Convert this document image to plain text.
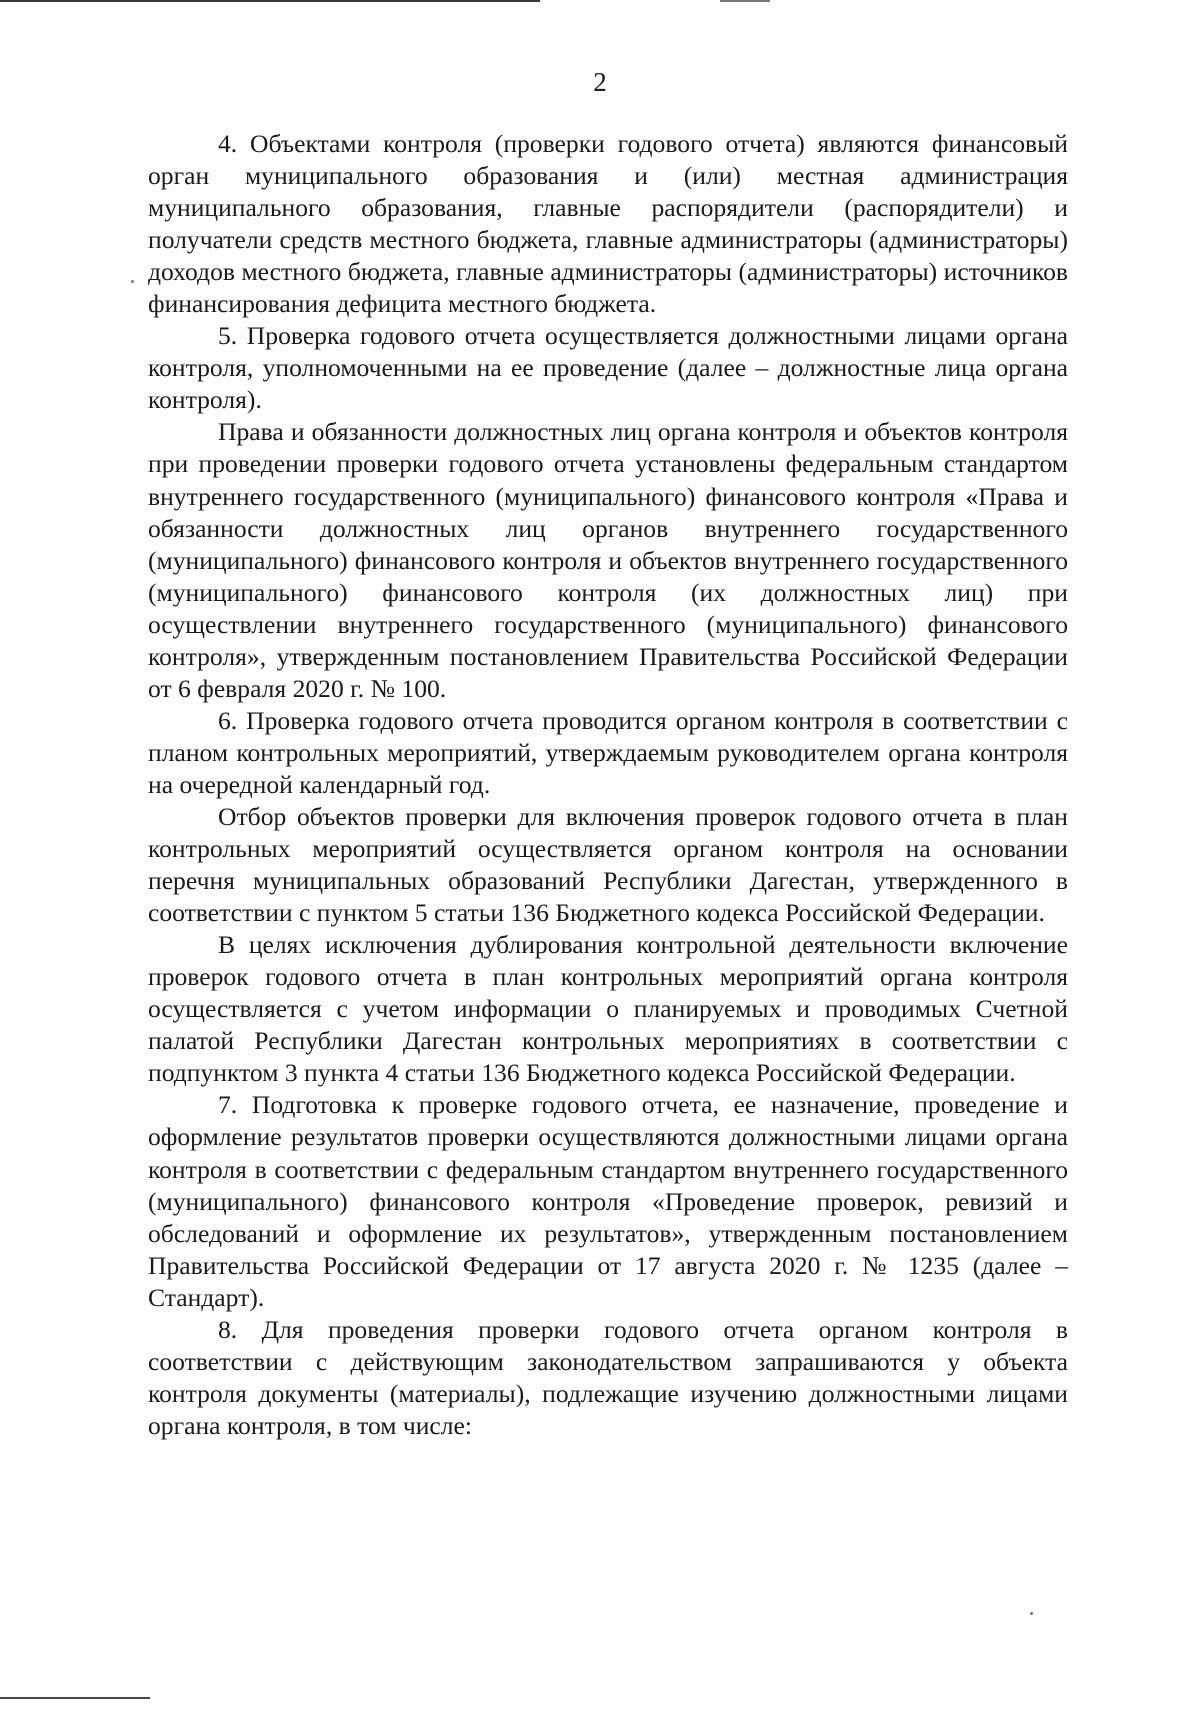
2

4. Объектами контроля (проверки годового отчета) являются финансовый орган муниципального образования и (или) местная администрация муниципального образования, главные распорядители (распорядители) и получатели средств местного бюджета, главные администраторы (администраторы) доходов местного бюджета, главные администраторы (администраторы) источников финансирования дефицита местного бюджета.

5. Проверка годового отчета осуществляется должностными лицами органа контроля, уполномоченными на ее проведение (далее – должностные лица органа контроля).

Права и обязанности должностных лиц органа контроля и объектов контроля при проведении проверки годового отчета установлены федеральным стандартом внутреннего государственного (муниципального) финансового контроля «Права и обязанности должностных лиц органов внутреннего государственного (муниципального) финансового контроля и объектов внутреннего государственного (муниципального) финансового контроля (их должностных лиц) при осуществлении внутреннего государственного (муниципального) финансового контроля», утвержденным постановлением Правительства Российской Федерации от 6 февраля 2020 г. № 100.

6. Проверка годового отчета проводится органом контроля в соответствии с планом контрольных мероприятий, утверждаемым руководителем органа контроля на очередной календарный год.

Отбор объектов проверки для включения проверок годового отчета в план контрольных мероприятий осуществляется органом контроля на основании перечня муниципальных образований Республики Дагестан, утвержденного в соответствии с пунктом 5 статьи 136 Бюджетного кодекса Российской Федерации.

В целях исключения дублирования контрольной деятельности включение проверок годового отчета в план контрольных мероприятий органа контроля осуществляется с учетом информации о планируемых и проводимых Счетной палатой Республики Дагестан контрольных мероприятиях в соответствии с подпунктом 3 пункта 4 статьи 136 Бюджетного кодекса Российской Федерации.

7. Подготовка к проверке годового отчета, ее назначение, проведение и оформление результатов проверки осуществляются должностными лицами органа контроля в соответствии с федеральным стандартом внутреннего государственного (муниципального) финансового контроля «Проведение проверок, ревизий и обследований и оформление их результатов», утвержденным постановлением Правительства Российской Федерации от 17 августа 2020 г. № 1235 (далее – Стандарт).

8. Для проведения проверки годового отчета органом контроля в соответствии с действующим законодательством запрашиваются у объекта контроля документы (материалы), подлежащие изучению должностными лицами органа контроля, в том числе:
